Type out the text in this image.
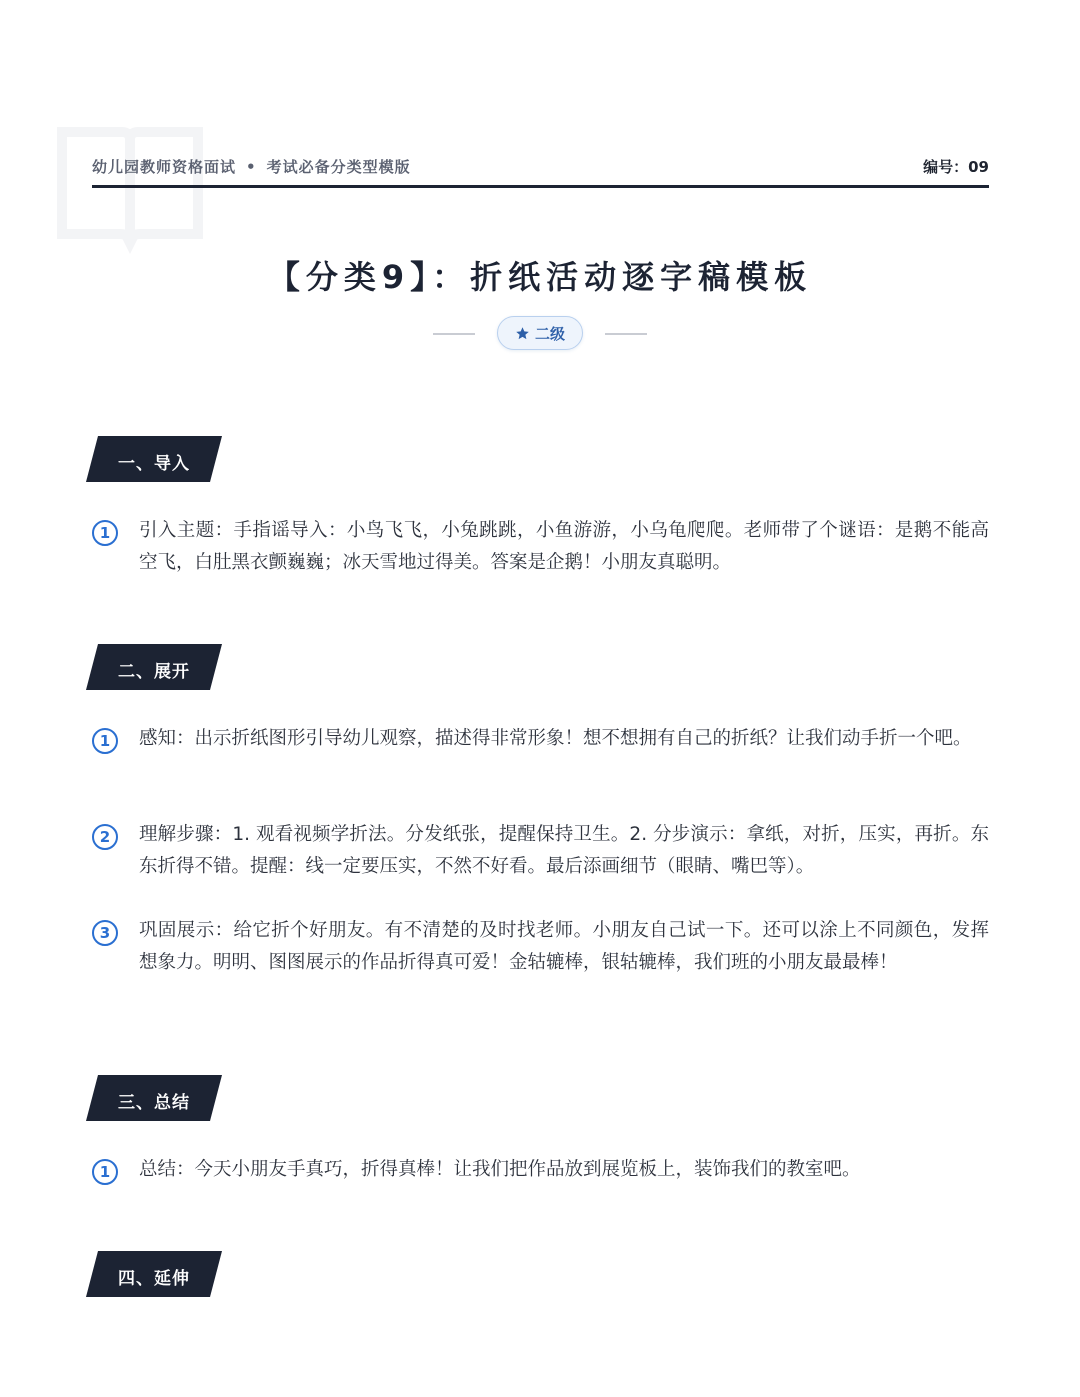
幼儿园教师资格面试 • 考试必备分类型模版	编号：09
【分类9】：折纸活动逐字稿模板
二级
一、导入
1	引入主题：手指谣导入：小鸟飞飞，小兔跳跳，小鱼游游，小乌龟爬爬。老师带了个谜语：是鹅不能高空飞，白肚黑衣颤巍巍；冰天雪地过得美。答案是企鹅！小朋友真聪明。
二、展开
1	感知：出示折纸图形引导幼儿观察，描述得非常形象！想不想拥有自己的折纸？让我们动手折一个吧。
2	理解步骤：1. 观看视频学折法。分发纸张，提醒保持卫生。2. 分步演示：拿纸，对折，压实，再折。东东折得不错。提醒：线一定要压实，不然不好看。最后添画细节（眼睛、嘴巴等）。
3	巩固展示：给它折个好朋友。有不清楚的及时找老师。小朋友自己试一下。还可以涂上不同颜色，发挥想象力。明明、图图展示的作品折得真可爱！金轱辘棒，银轱辘棒，我们班的小朋友最最棒！
三、总结
1	总结：今天小朋友手真巧，折得真棒！让我们把作品放到展览板上，装饰我们的教室吧。
四、延伸
